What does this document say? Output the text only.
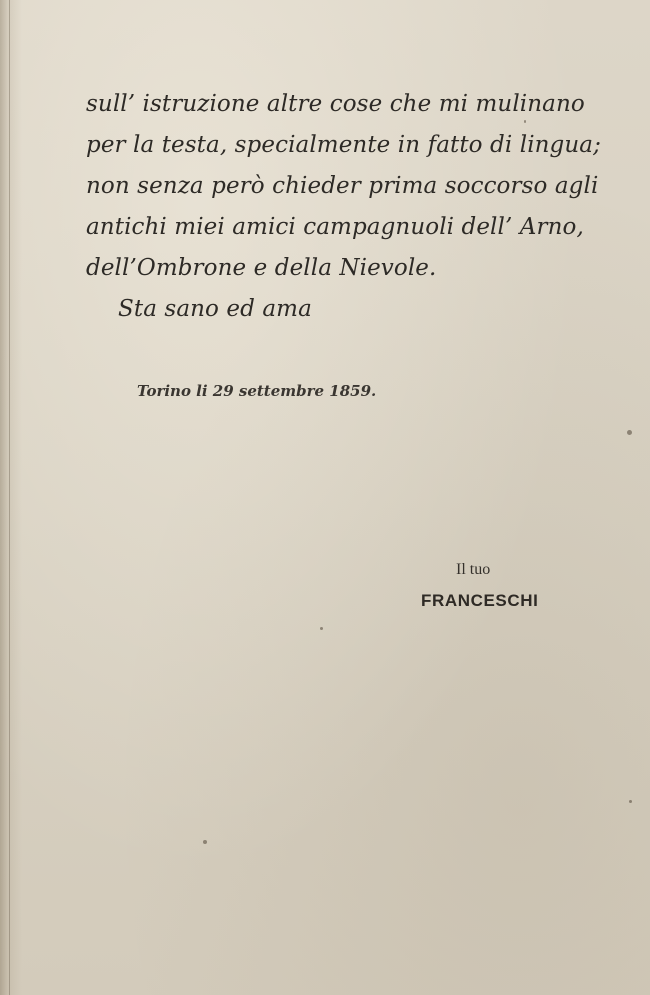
sull’ istruzione altre cose che mi mulinano
per la testa, specialmente in fatto di lingua;
non senza però chieder prima soccorso agli
antichi miei amici campagnuoli dell’ Arno,
dell’Ombrone e della Nievole.
Sta sano ed ama
Torino li 29 settembre 1859.
Il tuo
FRANCESCHI
